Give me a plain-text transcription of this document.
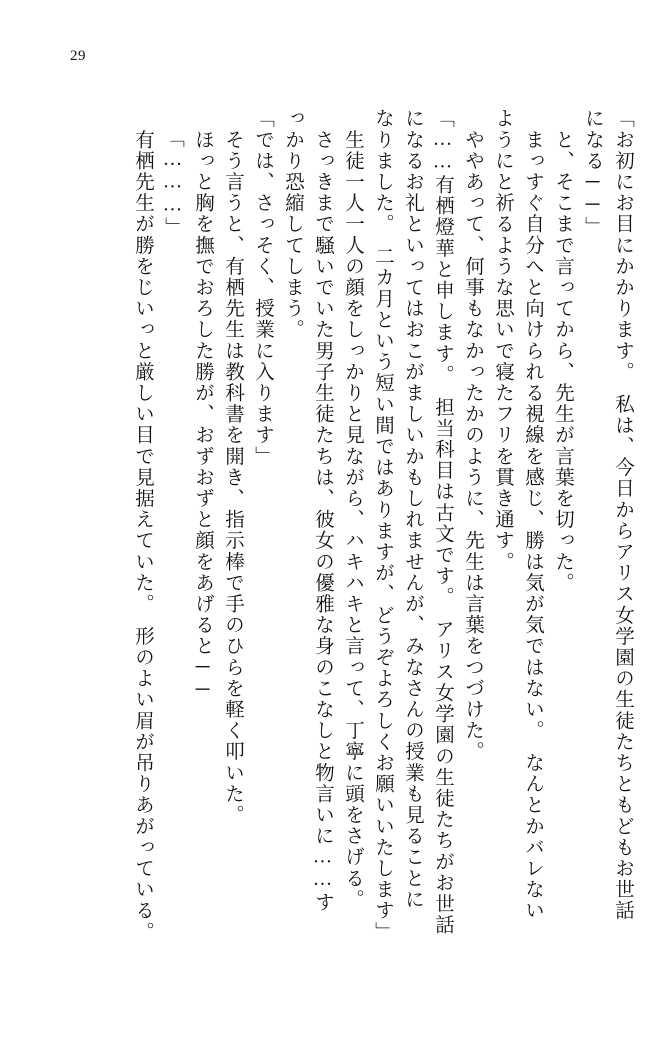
29
「お初にお目にかかります。　私は、今日からアリス女学園の生徒たちともどもお世話
になる──」
　と、そこまで言ってから、先生が言葉を切った。
　まっすぐ自分へと向けられる視線を感じ、勝は気が気ではない。　なんとかバレない
ようにと祈るような思いで寝たフリを貫き通す。
　ややあって、何事もなかったかのように、先生は言葉をつづけた。
「……有栖燈華と申します。　担当科目は古文です。　アリス女学園の生徒たちがお世話
になるお礼といってはおこがましいかもしれませんが、みなさんの授業も見ることに
なりました。　二カ月という短い間ではありますが、どうぞよろしくお願いいたします」
　生徒一人一人の顔をしっかりと見ながら、ハキハキと言って、丁寧に頭をさげる。
　さっきまで騒いでいた男子生徒たちは、彼女の優雅な身のこなしと物言いに……す
っかり恐縮してしまう。
「では、さっそく、授業に入ります」
　そう言うと、有栖先生は教科書を開き、指示棒で手のひらを軽く叩いた。
　ほっと胸を撫でおろした勝が、おずおずと顔をあげると──
「………」
　有栖先生が勝をじいっと厳しい目で見据えていた。　形のよい眉が吊りあがっている。
